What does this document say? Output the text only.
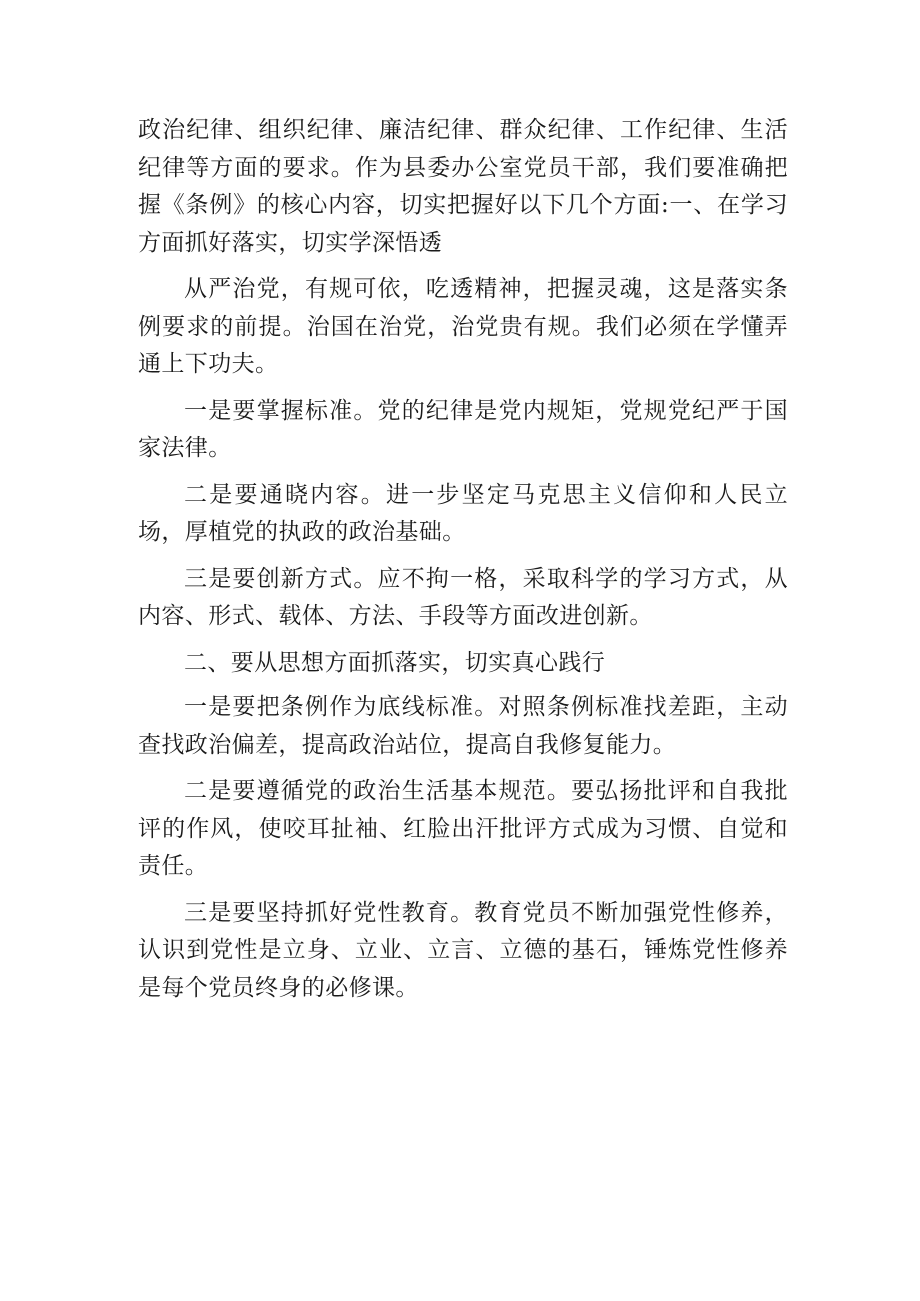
政治纪律、组织纪律、廉洁纪律、群众纪律、工作纪律、生活纪律等方面的要求。作为县委办公室党员干部，我们要准确把握《条例》的核心内容，切实把握好以下几个方面:一、在学习方面抓好落实，切实学深悟透

从严治党，有规可依，吃透精神，把握灵魂，这是落实条例要求的前提。治国在治党，治党贵有规。我们必须在学懂弄通上下功夫。

一是要掌握标准。党的纪律是党内规矩，党规党纪严于国家法律。

二是要通晓内容。进一步坚定马克思主义信仰和人民立场，厚植党的执政的政治基础。

三是要创新方式。应不拘一格，采取科学的学习方式，从内容、形式、载体、方法、手段等方面改进创新。

二、要从思想方面抓落实，切实真心践行

一是要把条例作为底线标准。对照条例标准找差距，主动查找政治偏差，提高政治站位，提高自我修复能力。

二是要遵循党的政治生活基本规范。要弘扬批评和自我批评的作风，使咬耳扯袖、红脸出汗批评方式成为习惯、自觉和责任。

三是要坚持抓好党性教育。教育党员不断加强党性修养，认识到党性是立身、立业、立言、立德的基石，锤炼党性修养是每个党员终身的必修课。
